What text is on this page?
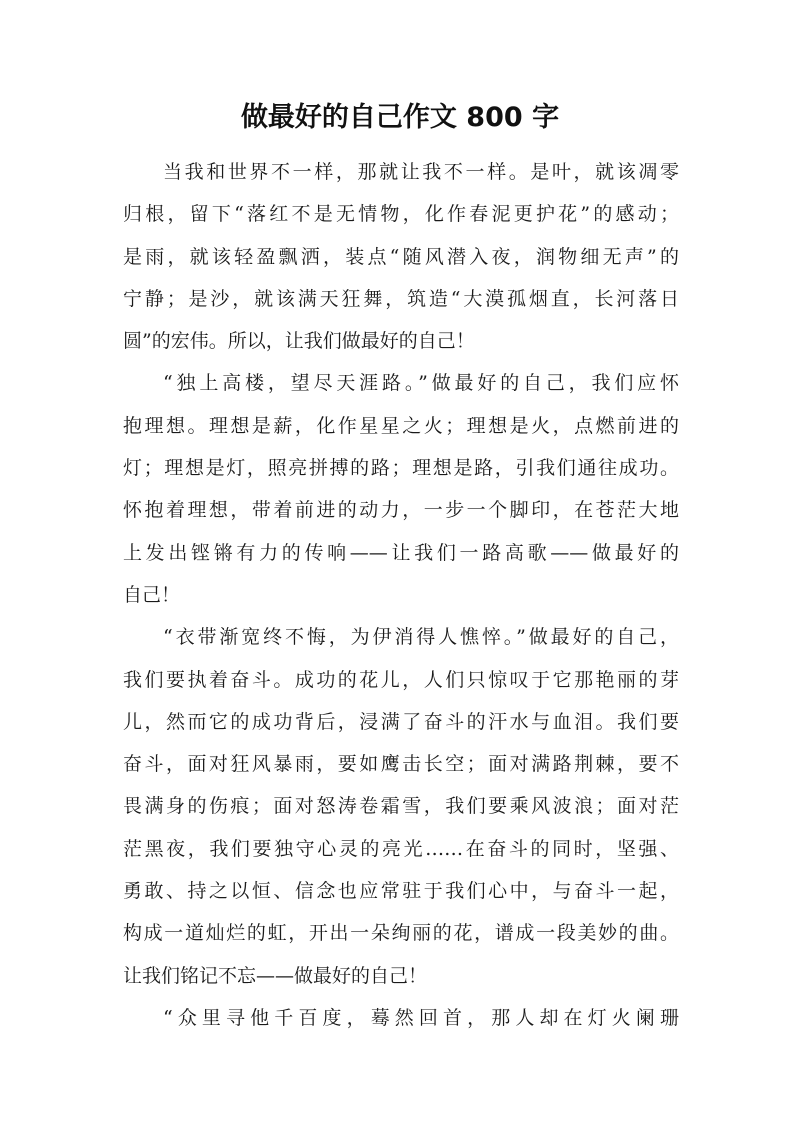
做最好的自己作文 800 字

当我和世界不一样，那就让我不一样。是叶，就该凋零
归根，留下“落红不是无情物，化作春泥更护花”的感动；
是雨，就该轻盈飘洒，装点“随风潜入夜，润物细无声”的
宁静；是沙，就该满天狂舞，筑造“大漠孤烟直，长河落日
圆”的宏伟。所以，让我们做最好的自己！

“独上高楼，望尽天涯路。”做最好的自己，我们应怀
抱理想。理想是薪，化作星星之火；理想是火，点燃前进的
灯；理想是灯，照亮拼搏的路；理想是路，引我们通往成功。
怀抱着理想，带着前进的动力，一步一个脚印，在苍茫大地
上发出铿锵有力的传响——让我们一路高歌——做最好的
自己！

“衣带渐宽终不悔，为伊消得人憔悴。”做最好的自己，
我们要执着奋斗。成功的花儿，人们只惊叹于它那艳丽的芽
儿，然而它的成功背后，浸满了奋斗的汗水与血泪。我们要
奋斗，面对狂风暴雨，要如鹰击长空；面对满路荆棘，要不
畏满身的伤痕；面对怒涛卷霜雪，我们要乘风波浪；面对茫
茫黑夜，我们要独守心灵的亮光……在奋斗的同时，坚强、
勇敢、持之以恒、信念也应常驻于我们心中，与奋斗一起，
构成一道灿烂的虹，开出一朵绚丽的花，谱成一段美妙的曲。
让我们铭记不忘——做最好的自己！

“众里寻他千百度，蓦然回首，那人却在灯火阑珊
